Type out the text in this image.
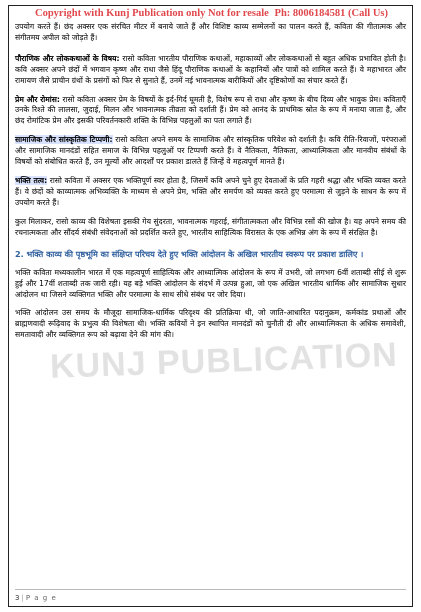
Copyright with Kunj Publication only Not for resale Ph: 8006184581 (Call Us)

उपयोग करते हैं। छंद अक्सर एक संरचित मीटर में बनाये जाते हैं और विशिष्ट काव्य सम्मेलनों का पालन करते हैं, कविता की गीतात्मक और संगीतमय अपील को जोड़ते हैं।

पौराणिक और लोककथाओं के विषय: रासो कविता भारतीय पौराणिक कथाओं, महाकाव्यों और लोककथाओं से बहुत अधिक प्रभावित होती है। कवि अक्सर अपने छंदों में भगवान कृष्ण और राधा जैसे हिंदू पौराणिक कथाओं के कहानियों और पात्रों को शामिल करते हैं। वे महाभारत और रामायण जैसे प्राचीन ग्रंथों के प्रसंगों को फिर से सुनाते हैं, उनमें नई भावनात्मक बारीकियों और दृष्टिकोणों का संचार करते हैं।

प्रेम और रोमांस: रासो कविता अक्सर प्रेम के विषयों के इर्द-गिर्द घूमती है, विशेष रूप से राधा और कृष्ण के बीच दिव्य और भावुक प्रेम। कविताएँ उनके रिश्ते की लालसा, जुदाई, मिलन और भावनात्मक तीव्रता को दर्शाती हैं। प्रेम को आनंद के प्राथमिक स्रोत के रूप में मनाया जाता है, और छंद रोमांटिक प्रेम और इसकी परिवर्तनकारी शक्ति के विभिन्न पहलुओं का पता लगाते हैं।

सामाजिक और सांस्कृतिक टिप्पणी: रासो कविता अपने समय के सामाजिक और सांस्कृतिक परिवेश को दर्शाती है। कवि रीति-रिवाजों, परंपराओं और सामाजिक मानदंडों सहित समाज के विभिन्न पहलुओं पर टिप्पणी करते हैं। वे नैतिकता, नैतिकता, आध्यात्मिकता और मानवीय संबंधों के विषयों को संबोधित करते हैं, उन मूल्यों और आदर्शों पर प्रकाश डालते हैं जिन्हें वे महत्वपूर्ण मानते हैं।

भक्ति तत्व: रासो कविता में अक्सर एक भक्तिपूर्ण स्वर होता है, जिसमें कवि अपने चुने हुए देवताओं के प्रति गहरी श्रद्धा और भक्ति व्यक्त करते हैं। वे छंदों को काव्यात्मक अभिव्यक्ति के माध्यम से अपने प्रेम, भक्ति और समर्पण को व्यक्त करते हुए परमात्मा से जुड़ने के साधन के रूप में उपयोग करते हैं।

कुल मिलाकर, रासो काव्य की विशेषता इसकी गेय सुंदरता, भावनात्मक गहराई, संगीतात्मकता और विभिन्न रसों की खोज है। यह अपने समय की रचनात्मकता और सौंदर्य संबंधी संवेदनाओं को प्रदर्शित करते हुए, भारतीय साहित्यिक विरासत के एक अभिन्न अंग के रूप में संरक्षित है।

2. भक्ति काव्य की पृष्ठभूमि का संक्षिप्त परिचय देते हुए भक्ति आंदोलन के अखिल भारतीय स्वरूप पर प्रकाश डालिए ।

भक्ति कविता मध्यकालीन भारत में एक महत्वपूर्ण साहित्यिक और आध्यात्मिक आंदोलन के रूप में उभरी, जो लगभग 6वीं शताब्दी सीई से शुरू हुई और 17वीं शताब्दी तक जारी रही। यह बड़े भक्ति आंदोलन के संदर्भ में उत्पन्न हुआ, जो एक अखिल भारतीय धार्मिक और सामाजिक सुधार आंदोलन था जिसने व्यक्तिगत भक्ति और परमात्मा के साथ सीधे संबंध पर जोर दिया।

भक्ति आंदोलन उस समय के मौजूदा सामाजिक-धार्मिक परिदृश्य की प्रतिक्रिया थी, जो जाति-आधारित पदानुक्रम, कर्मकांड प्रथाओं और ब्राह्मणवादी रूढ़िवाद के प्रभुत्व की विशेषता थी। भक्ति कवियों ने इन स्थापित मानदंडों को चुनौती दी और आध्यात्मिकता के अधिक समावेशी, समतावादी और व्यक्तिगत रूप को बढ़ावा देने की मांग की।

KUNJ PUBLICATION
3 | P a g e
